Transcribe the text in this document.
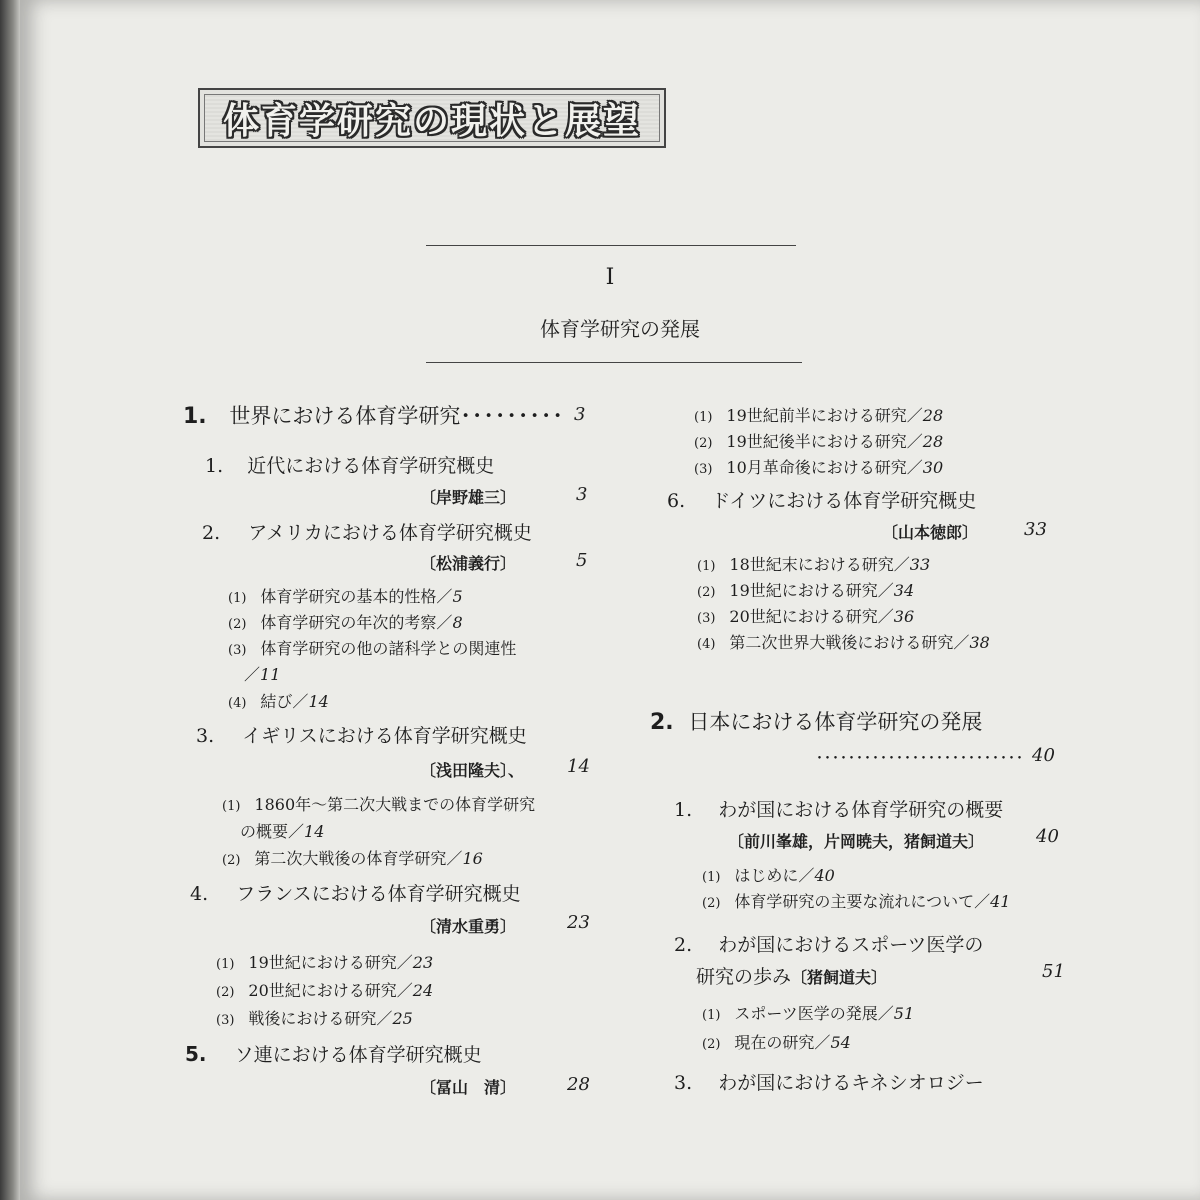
体育学研究の現状と展望
I
体育学研究の発展
1. 世界における体育学研究･････････ 3
1. 近代における体育学研究概史
〔岸野雄三〕	3
2. アメリカにおける体育学研究概史
〔松浦義行〕	5
(1) 体育学研究の基本的性格／5
(2) 体育学研究の年次的考察／8
(3) 体育学研究の他の諸科学との関連性
／11
(4) 結び／14
3. イギリスにおける体育学研究概史
〔浅田隆夫〕、 14
(1) 1860年～第二次大戦までの体育学研究
の概要／14
(2) 第二次大戦後の体育学研究／16
4. フランスにおける体育学研究概史
〔清水重勇〕	23
(1) 19世紀における研究／23
(2) 20世紀における研究／24
(3) 戦後における研究／25
5. ソ連における体育学研究概史
〔冨山　清〕	28
(1) 19世紀前半における研究／28
(2) 19世紀後半における研究／28
(3) 10月革命後における研究／30
6. ドイツにおける体育学研究概史
〔山本徳郎〕	33
(1) 18世紀末における研究／33
(2) 19世紀における研究／34
(3) 20世紀における研究／36
(4) 第二次世界大戦後における研究／38
2. 日本における体育学研究の発展
･･････････････････････････ 40
1. わが国における体育学研究の概要
〔前川峯雄，片岡暁夫，猪飼道夫〕	40
(1) はじめに／40
(2) 体育学研究の主要な流れについて／41
2. わが国におけるスポーツ医学の
研究の歩み〔猪飼道夫〕	51
(1) スポーツ医学の発展／51
(2) 現在の研究／54
3. わが国におけるキネシオロジー
